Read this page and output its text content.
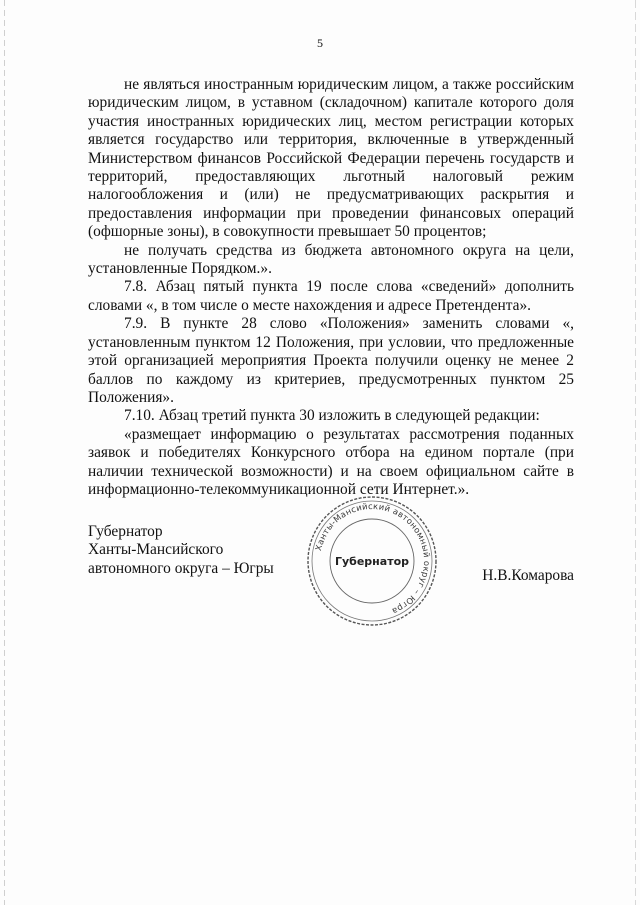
5

не являться иностранным юридическим лицом, а также российским юридическим лицом, в уставном (складочном) капитале которого доля участия иностранных юридических лиц, местом регистрации которых является государство или территория, включенные в утвержденный Министерством финансов Российской Федерации перечень государств и территорий, предоставляющих льготный налоговый режим налогообложения и (или) не предусматривающих раскрытия и предоставления информации при проведении финансовых операций (офшорные зоны), в совокупности превышает 50 процентов;

не получать средства из бюджета автономного округа на цели, установленные Порядком.».

7.8. Абзац пятый пункта 19 после слова «сведений» дополнить словами «, в том числе о месте нахождения и адресе Претендента».

7.9. В пункте 28 слово «Положения» заменить словами «, установленным пунктом 12 Положения, при условии, что предложенные этой организацией мероприятия Проекта получили оценку не менее 2 баллов по каждому из критериев, предусмотренных пунктом 25 Положения».

7.10. Абзац третий пункта 30 изложить в следующей редакции:

«размещает информацию о результатах рассмотрения поданных заявок и победителях Конкурсного отбора на едином портале (при наличии технической возможности) и на своем официальном сайте в информационно-телекоммуникационной сети Интернет.».

Губернатор
Ханты-Мансийского
автономного округа – Югры
Ханты-Мансийский автономный округ – Югра
Губернатор
Н.В.Комарова
